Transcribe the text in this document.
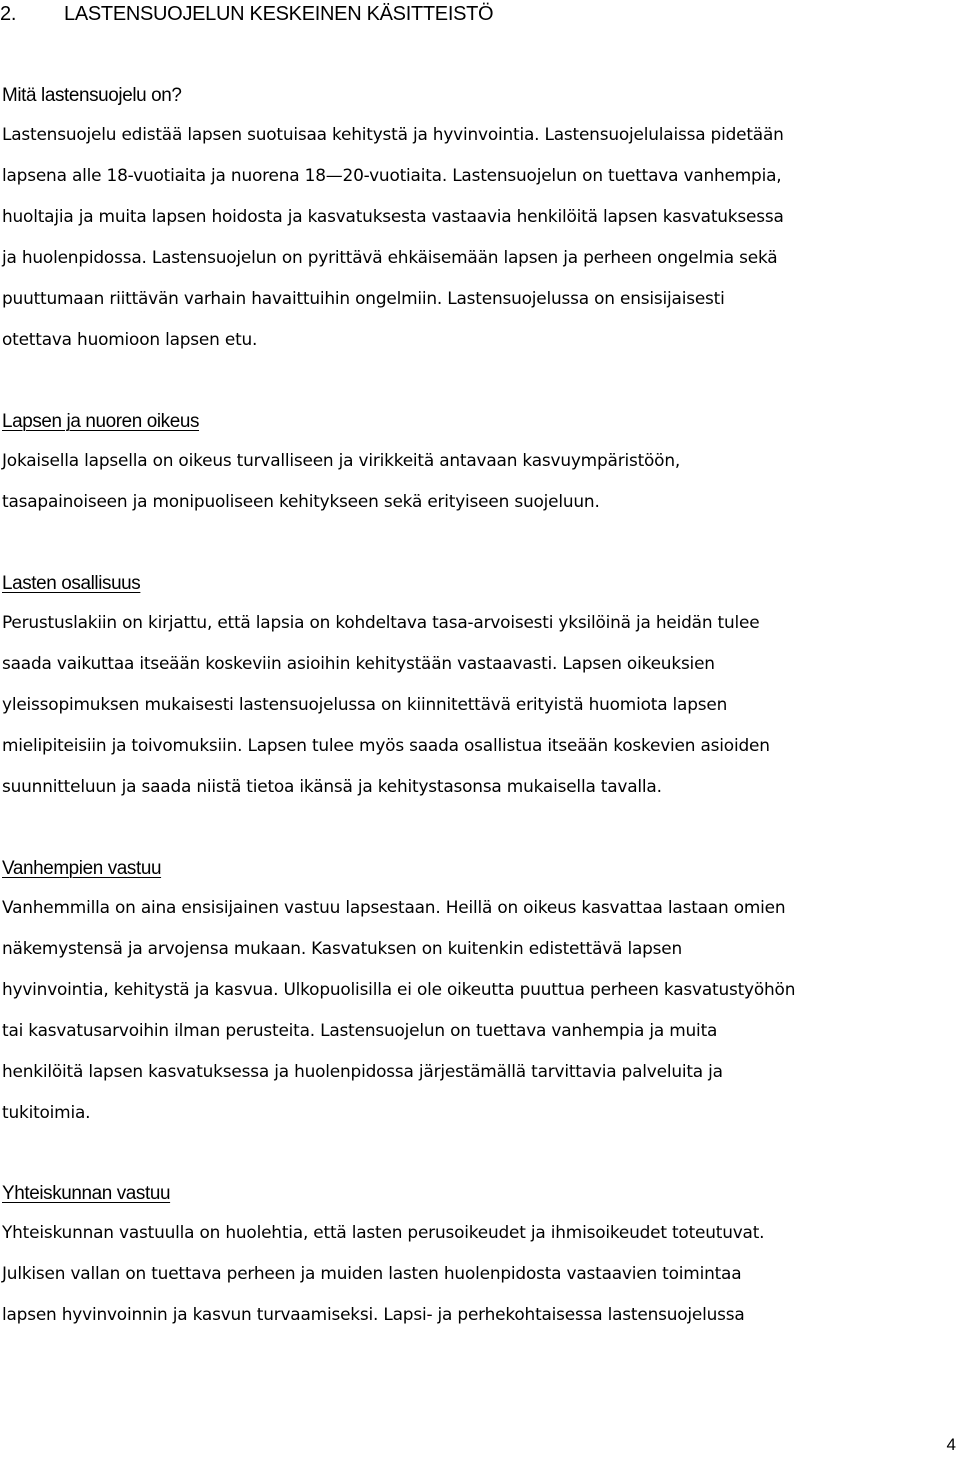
2. LASTENSUOJELUN KESKEINEN KÄSITTEISTÖ
Mitä lastensuojelu on?
Lastensuojelu edistää lapsen suotuisaa kehitystä ja hyvinvointia. Lastensuojelulaissa pidetään
lapsena alle 18-vuotiaita ja nuorena 18—20-vuotiaita. Lastensuojelun on tuettava vanhempia,
huoltajia ja muita lapsen hoidosta ja kasvatuksesta vastaavia henkilöitä lapsen kasvatuksessa
ja huolenpidossa. Lastensuojelun on pyrittävä ehkäisemään lapsen ja perheen ongelmia sekä
puuttumaan riittävän varhain havaittuihin ongelmiin. Lastensuojelussa on ensisijaisesti
otettava huomioon lapsen etu.
Lapsen ja nuoren oikeus
Jokaisella lapsella on oikeus turvalliseen ja virikkeitä antavaan kasvuympäristöön,
tasapainoiseen ja monipuoliseen kehitykseen sekä erityiseen suojeluun.
Lasten osallisuus
Perustuslakiin on kirjattu, että lapsia on kohdeltava tasa-arvoisesti yksilöinä ja heidän tulee
saada vaikuttaa itseään koskeviin asioihin kehitystään vastaavasti. Lapsen oikeuksien
yleissopimuksen mukaisesti lastensuojelussa on kiinnitettävä erityistä huomiota lapsen
mielipiteisiin ja toivomuksiin. Lapsen tulee myös saada osallistua itseään koskevien asioiden
suunnitteluun ja saada niistä tietoa ikänsä ja kehitystasonsa mukaisella tavalla.
Vanhempien vastuu
Vanhemmilla on aina ensisijainen vastuu lapsestaan. Heillä on oikeus kasvattaa lastaan omien
näkemystensä ja arvojensa mukaan. Kasvatuksen on kuitenkin edistettävä lapsen
hyvinvointia, kehitystä ja kasvua. Ulkopuolisilla ei ole oikeutta puuttua perheen kasvatustyöhön
tai kasvatusarvoihin ilman perusteita. Lastensuojelun on tuettava vanhempia ja muita
henkilöitä lapsen kasvatuksessa ja huolenpidossa järjestämällä tarvittavia palveluita ja
tukitoimia.
Yhteiskunnan vastuu
Yhteiskunnan vastuulla on huolehtia, että lasten perusoikeudet ja ihmisoikeudet toteutuvat.
Julkisen vallan on tuettava perheen ja muiden lasten huolenpidosta vastaavien toimintaa
lapsen hyvinvoinnin ja kasvun turvaamiseksi. Lapsi- ja perhekohtaisessa lastensuojelussa
4
